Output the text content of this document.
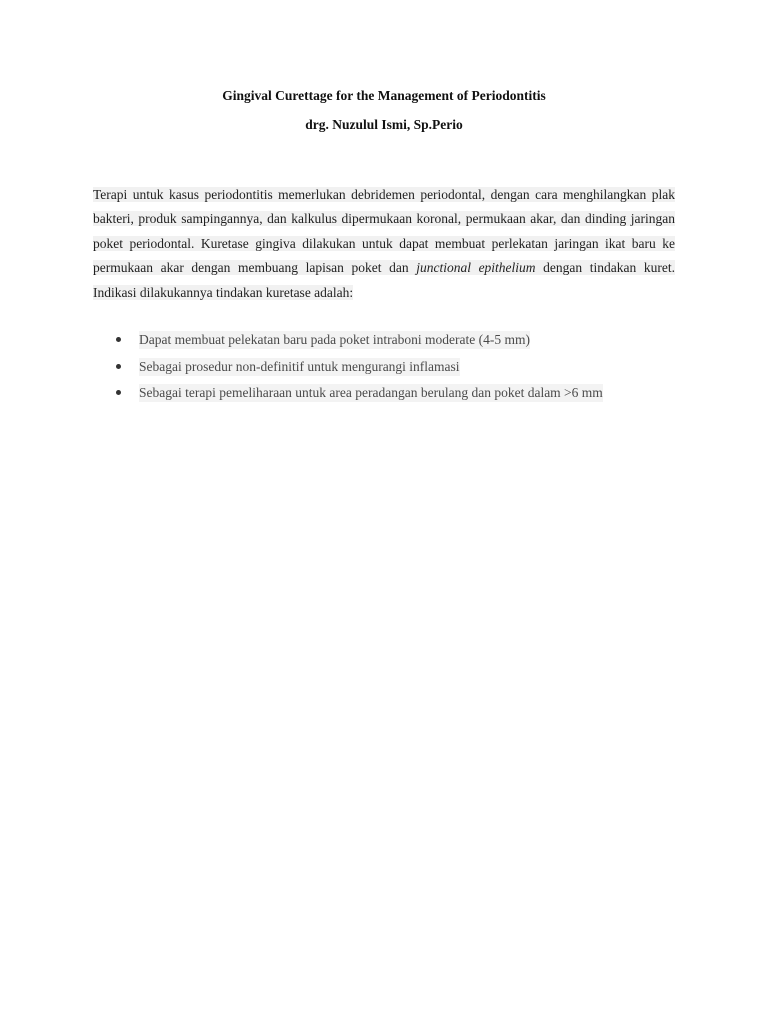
Gingival Curettage for the Management of Periodontitis
drg. Nuzulul Ismi, Sp.Perio

Terapi untuk kasus periodontitis memerlukan debridemen periodontal, dengan cara menghilangkan plak bakteri, produk sampingannya, dan kalkulus dipermukaan koronal, permukaan akar, dan dinding jaringan poket periodontal. Kuretase gingiva dilakukan untuk dapat membuat perlekatan jaringan ikat baru ke permukaan akar dengan membuang lapisan poket dan junctional epithelium dengan tindakan kuret. Indikasi dilakukannya tindakan kuretase adalah:

Dapat membuat pelekatan baru pada poket intraboni moderate (4-5 mm)
Sebagai prosedur non-definitif untuk mengurangi inflamasi
Sebagai terapi pemeliharaan untuk area peradangan berulang dan poket dalam >6 mm
